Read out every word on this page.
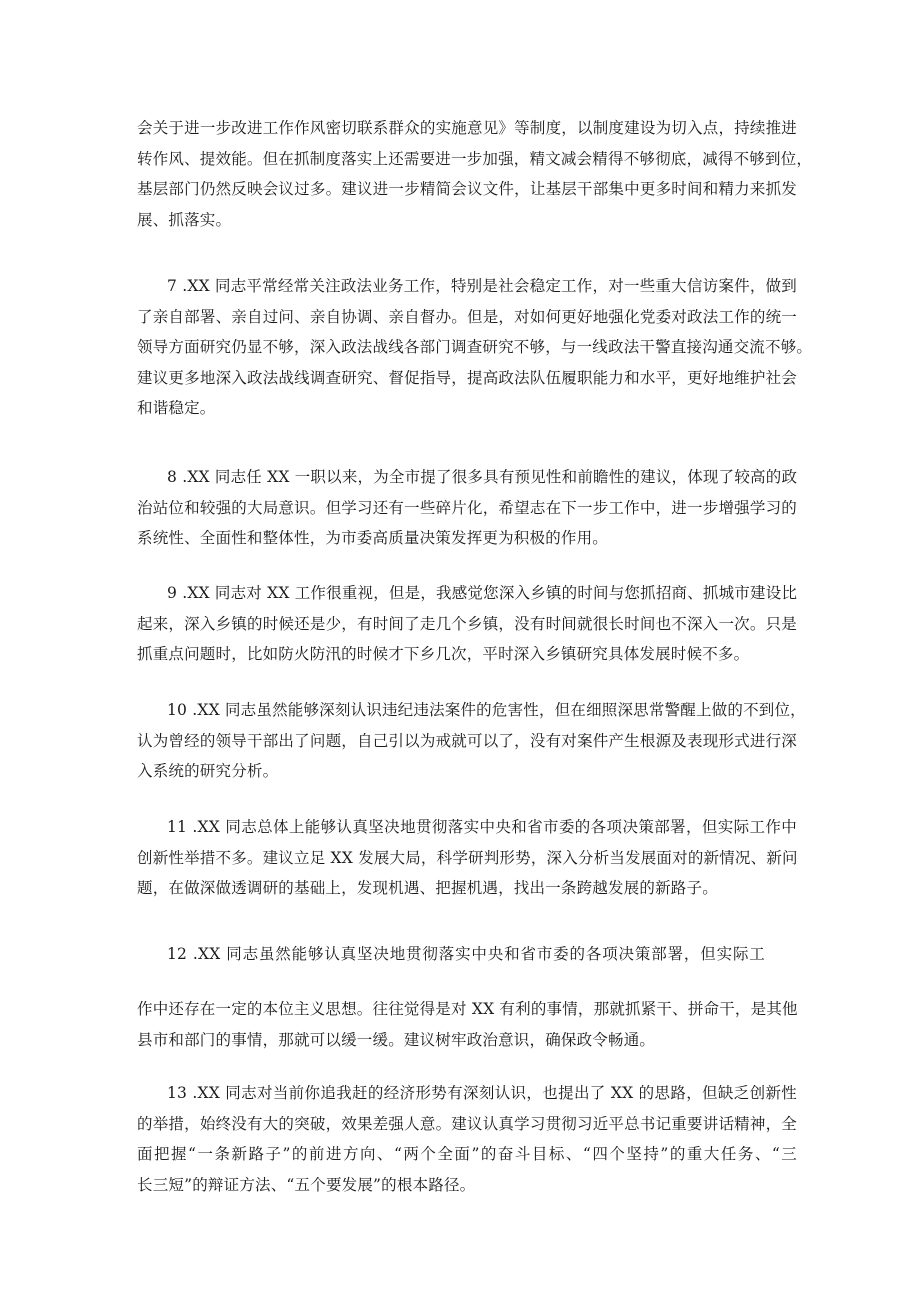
会关于进一步改进工作作风密切联系群众的实施意见》等制度，以制度建设为切入点，持续推进
转作风、提效能。但在抓制度落实上还需要进一步加强，精文减会精得不够彻底，减得不够到位，
基层部门仍然反映会议过多。建议进一步精简会议文件，让基层干部集中更多时间和精力来抓发
展、抓落实。
7 .XX 同志平常经常关注政法业务工作，特别是社会稳定工作，对一些重大信访案件，做到
了亲自部署、亲自过问、亲自协调、亲自督办。但是，对如何更好地强化党委对政法工作的统一
领导方面研究仍显不够，深入政法战线各部门调查研究不够，与一线政法干警直接沟通交流不够。
建议更多地深入政法战线调查研究、督促指导，提高政法队伍履职能力和水平，更好地维护社会
和谐稳定。
8 .XX 同志任 XX 一职以来，为全市提了很多具有预见性和前瞻性的建议，体现了较高的政
治站位和较强的大局意识。但学习还有一些碎片化，希望志在下一步工作中，进一步增强学习的
系统性、全面性和整体性，为市委高质量决策发挥更为积极的作用。
9 .XX 同志对 XX 工作很重视，但是，我感觉您深入乡镇的时间与您抓招商、抓城市建设比
起来，深入乡镇的时候还是少，有时间了走几个乡镇，没有时间就很长时间也不深入一次。只是
抓重点问题时，比如防火防汛的时候才下乡几次，平时深入乡镇研究具体发展时候不多。
10 .XX 同志虽然能够深刻认识违纪违法案件的危害性，但在细照深思常警醒上做的不到位，
认为曾经的领导干部出了问题，自己引以为戒就可以了，没有对案件产生根源及表现形式进行深
入系统的研究分析。
11 .XX 同志总体上能够认真坚决地贯彻落实中央和省市委的各项决策部署，但实际工作中
创新性举措不多。建议立足 XX 发展大局，科学研判形势，深入分析当发展面对的新情况、新问
题，在做深做透调研的基础上，发现机遇、把握机遇，找出一条跨越发展的新路子。
12 .XX 同志虽然能够认真坚决地贯彻落实中央和省市委的各项决策部署，但实际工
作中还存在一定的本位主义思想。往往觉得是对 XX 有利的事情，那就抓紧干、拼命干，是其他
县市和部门的事情，那就可以缓一缓。建议树牢政治意识，确保政令畅通。
13 .XX 同志对当前你追我赶的经济形势有深刻认识，也提出了 XX 的思路，但缺乏创新性
的举措，始终没有大的突破，效果差强人意。建议认真学习贯彻习近平总书记重要讲话精神，全
面把握“一条新路子”的前进方向、“两个全面”的奋斗目标、“四个坚持”的重大任务、“三
长三短”的辩证方法、“五个要发展”的根本路径。
